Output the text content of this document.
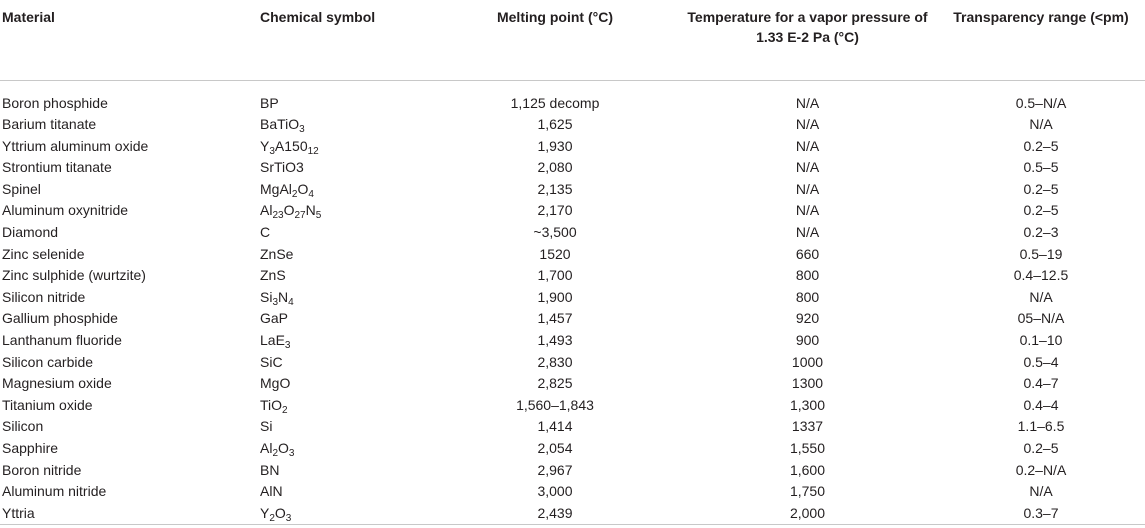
Material	Chemical symbol	Melting point (°C)	Temperature for a vapor pressure of 1.33 E-2 Pa (°C)	Transparency range (<pm)
Boron phosphide	BP	1,125 decomp	N/A	0.5–N/A
Barium titanate	BaTiO$_3$	1,625	N/A	N/A
Yttrium aluminum oxide	$Y_3A150_{12}$	1,930	N/A	0.2–5
Strontium titanate	SrTiO3	2,080	N/A	0.5–5
Spinel	$MgAl_2O_4$	2,135	N/A	0.2–5
Aluminum oxynitride	$Al_{23}O_{27}N_5$	2,170	N/A	0.2–5
Diamond	C	~3,500	N/A	0.2–3
Zinc selenide	ZnSe	1520	660	0.5–19
Zinc sulphide (wurtzite)	ZnS	1,700	800	0.4–12.5
Silicon nitride	$Si_3N_4$	1,900	800	N/A
Gallium phosphide	GaP	1,457	920	05–N/A
Lanthanum fluoride	LaE$_3$	1,493	900	0.1–10
Silicon carbide	SiC	2,830	1000	0.5–4
Magnesium oxide	MgO	2,825	1300	0.4–7
Titanium oxide	TiO$_2$	1,560–1,843	1,300	0.4–4
Silicon	Si	1,414	1337	1.1–6.5
Sapphire	$Al_2O_3$	2,054	1,550	0.2–5
Boron nitride	BN	2,967	1,600	0.2–N/A
Aluminum nitride	AlN	3,000	1,750	N/A
Yttria	$Y_2O_3$	2,439	2,000	0.3–7
